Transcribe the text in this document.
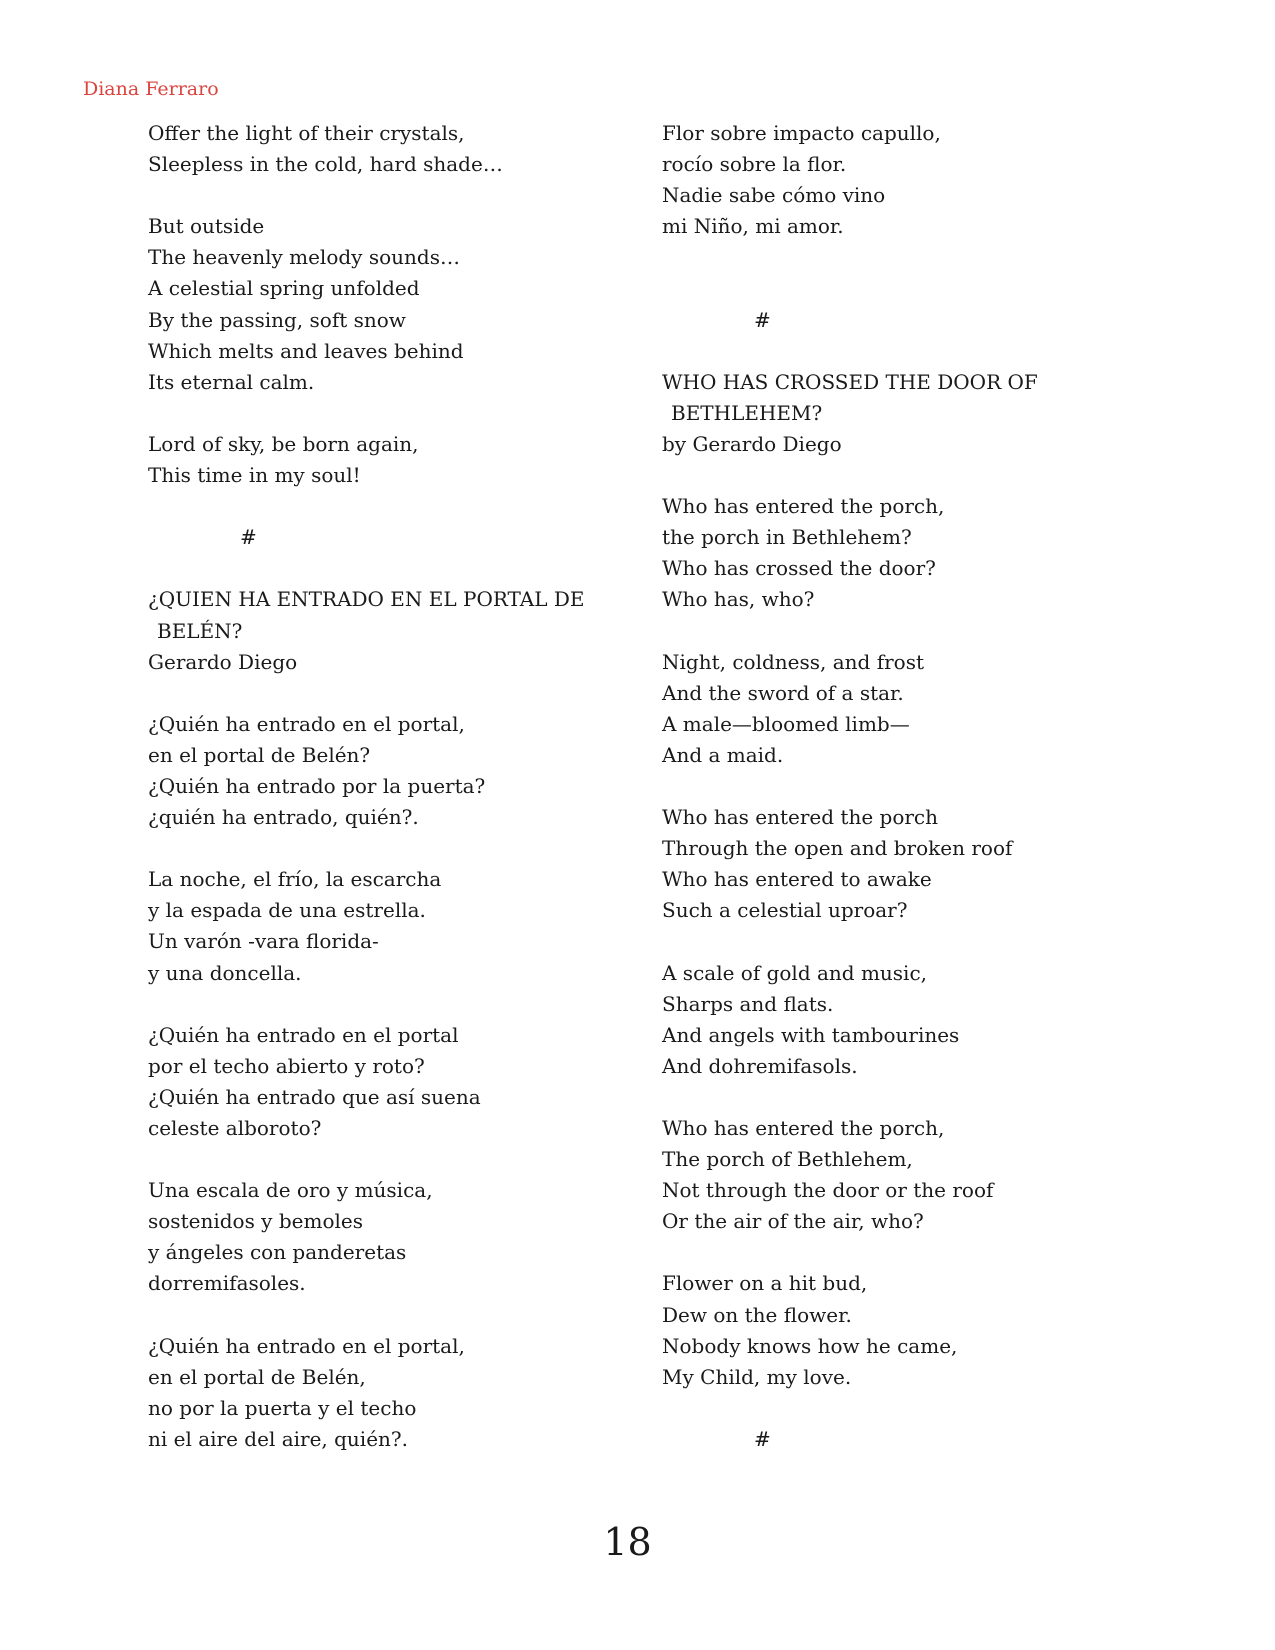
Diana Ferraro
Offer the light of their crystals,
Sleepless in the cold, hard shade…
But outside
The heavenly melody sounds…
A celestial spring unfolded
By the passing, soft snow
Which melts and leaves behind
Its eternal calm.
Lord of sky, be born again,
This time in my soul!
#
¿QUIEN HA ENTRADO EN EL PORTAL DE
BELÉN?
Gerardo Diego
¿Quién ha entrado en el portal,
en el portal de Belén?
¿Quién ha entrado por la puerta?
¿quién ha entrado, quién?.
La noche, el frío, la escarcha
y la espada de una estrella.
Un varón -vara florida-
y una doncella.
¿Quién ha entrado en el portal
por el techo abierto y roto?
¿Quién ha entrado que así suena
celeste alboroto?
Una escala de oro y música,
sostenidos y bemoles
y ángeles con panderetas
dorremifasoles.
¿Quién ha entrado en el portal,
en el portal de Belén,
no por la puerta y el techo
ni el aire del aire, quién?.
Flor sobre impacto capullo,
rocío sobre la flor.
Nadie sabe cómo vino
mi Niño, mi amor.
#
WHO HAS CROSSED THE DOOR OF
BETHLEHEM?
by Gerardo Diego
Who has entered the porch,
the porch in Bethlehem?
Who has crossed the door?
Who has, who?
Night, coldness, and frost
And the sword of a star.
A male—bloomed limb—
And a maid.
Who has entered the porch
Through the open and broken roof
Who has entered to awake
Such a celestial uproar?
A scale of gold and music,
Sharps and flats.
And angels with tambourines
And dohremifasols.
Who has entered the porch,
The porch of Bethlehem,
Not through the door or the roof
Or the air of the air, who?
Flower on a hit bud,
Dew on the flower.
Nobody knows how he came,
My Child, my love.
#
18
